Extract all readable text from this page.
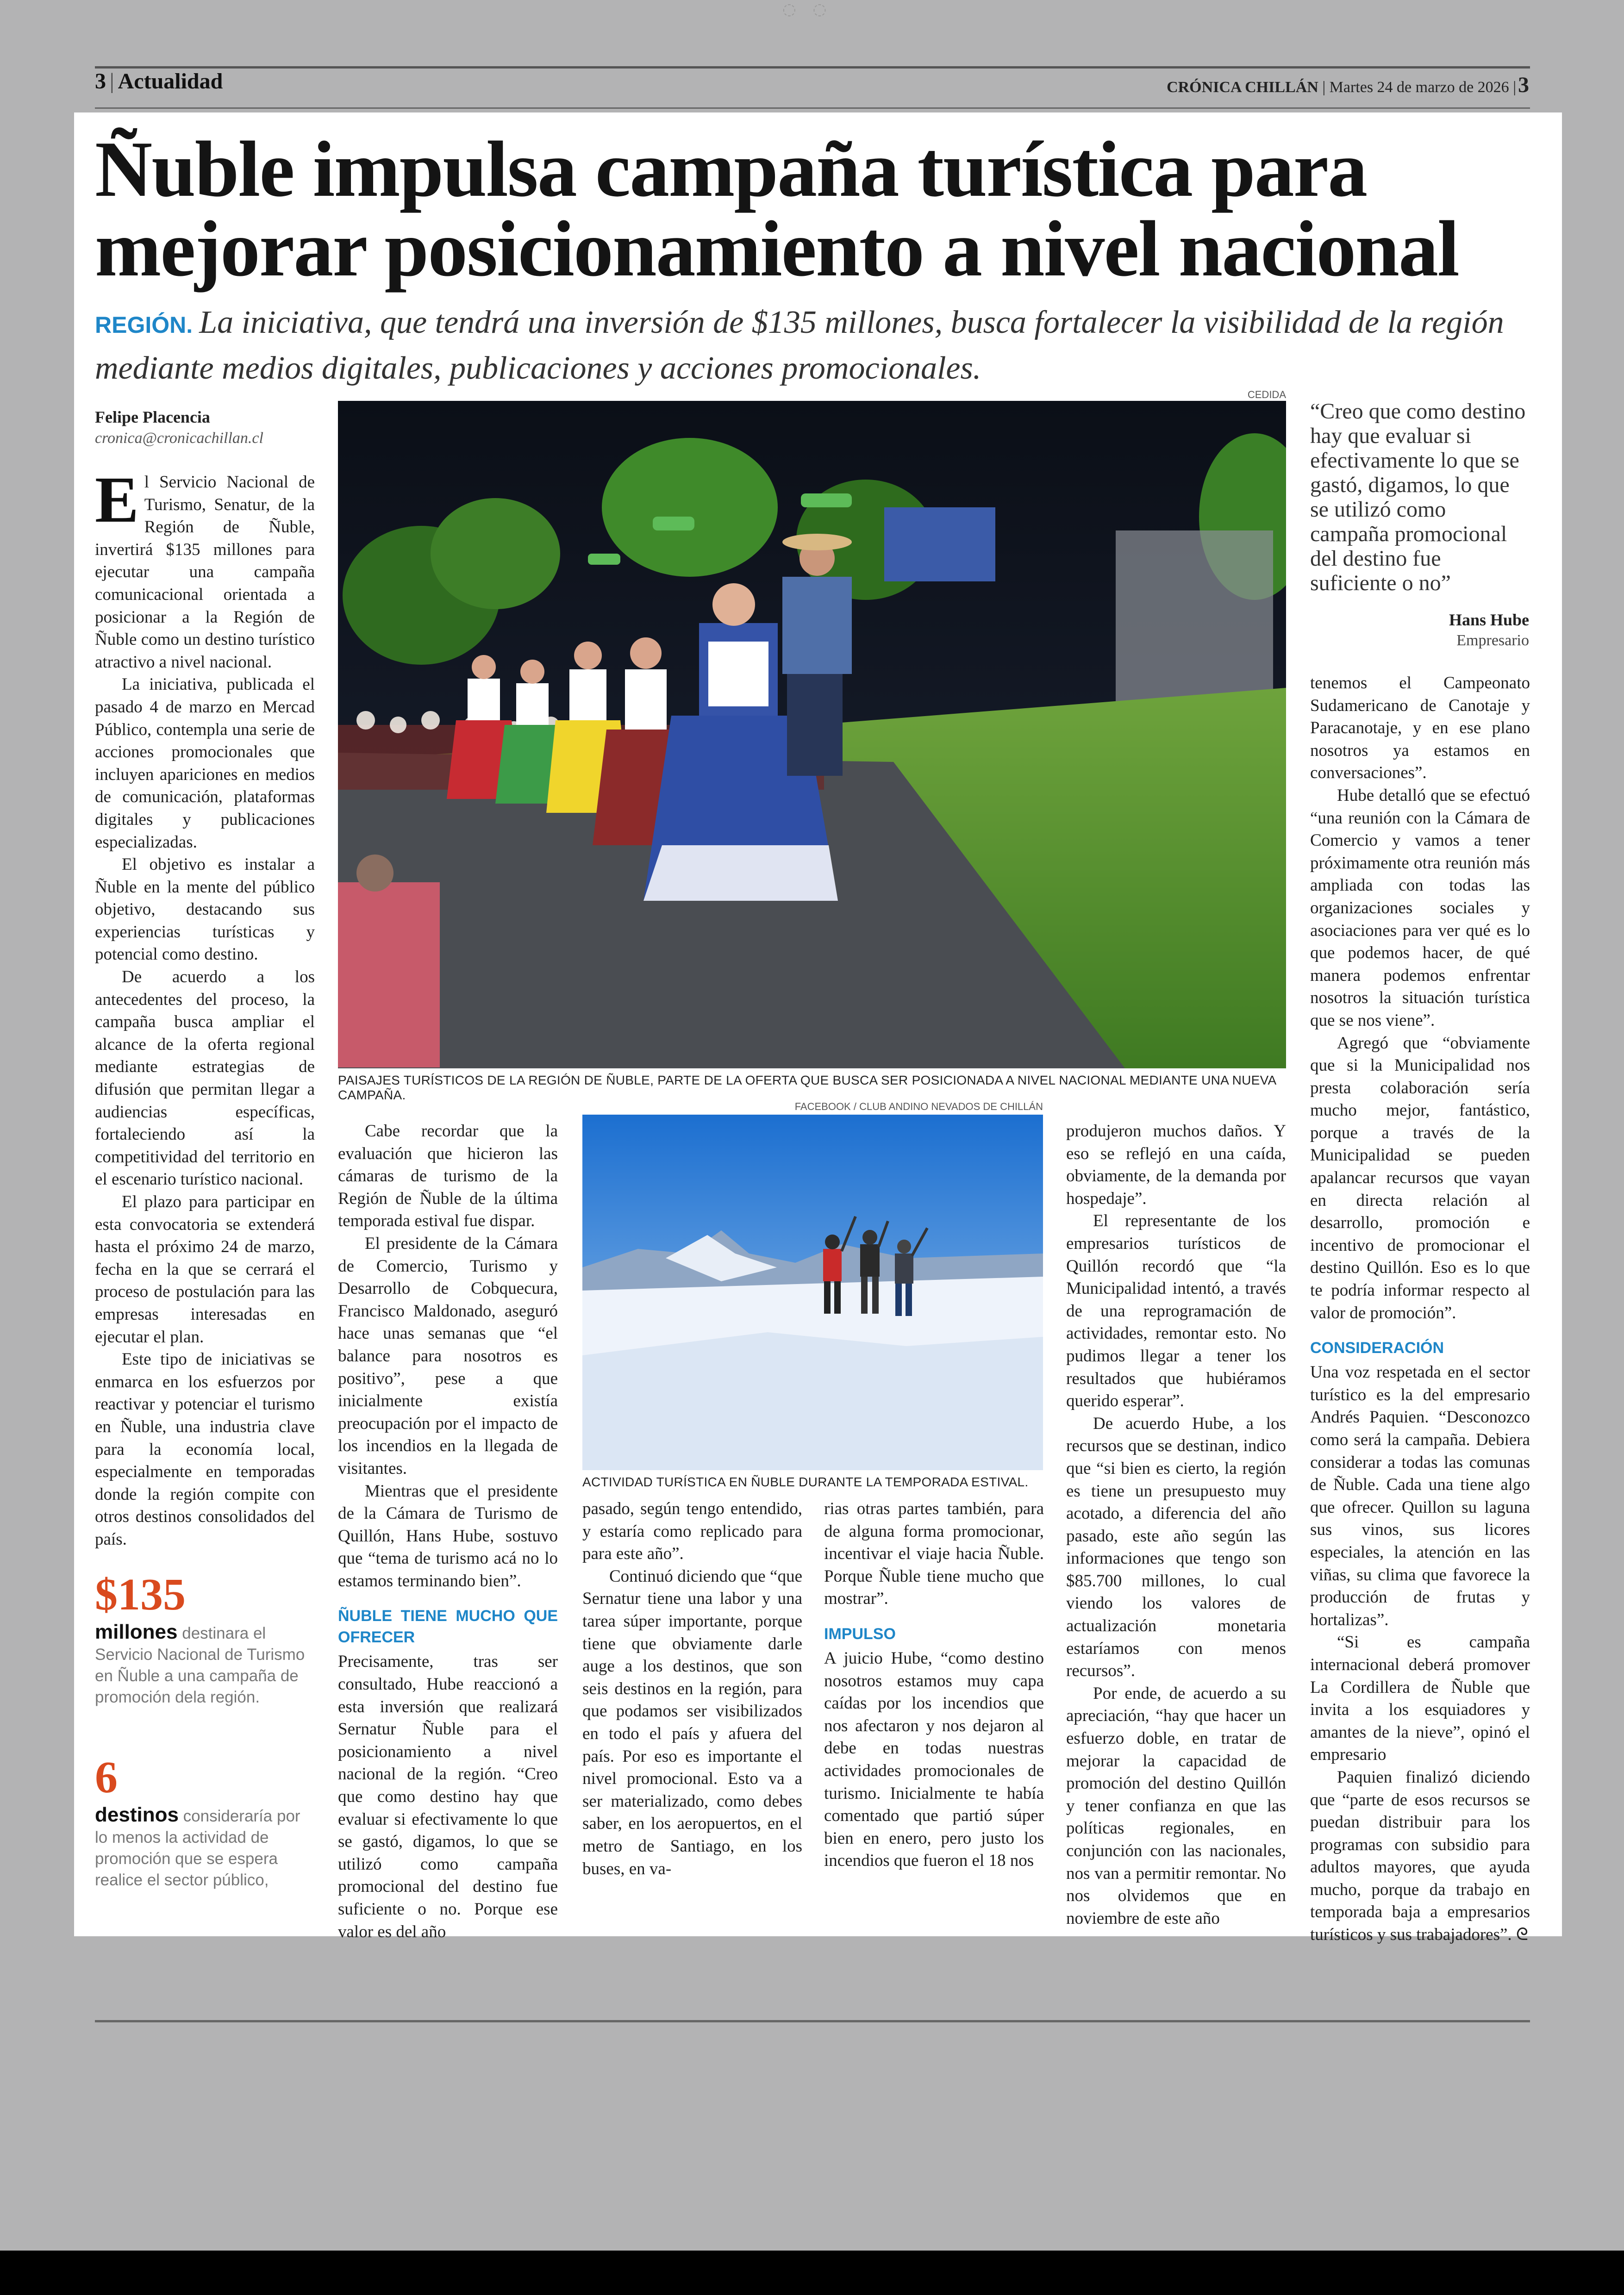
◌◌
3 | Actualidad	CRÓNICA CHILLÁN | Martes 24 de marzo de 2026 |3
Ñuble impulsa campaña turística para
mejorar posicionamiento a nivel nacional
REGIÓN. La iniciativa, que tendrá una inversión de $135 millones, busca fortalecer la visibilidad de la región mediante medios digitales, publicaciones y acciones promocionales.
Felipe Placencia
cronica@cronicachillan.cl

El Servicio Nacional de Turismo, Senatur, de la Región de Ñuble, invertirá $135 millones para ejecutar una campaña comunicacional orientada a posicionar a la Región de Ñuble como un destino turístico atractivo a nivel nacional.

La iniciativa, publicada el pasado 4 de marzo en Mercad Público, contempla una serie de acciones promocionales que incluyen apariciones en medios de comunicación, plataformas digitales y publicaciones especializadas.

El objetivo es instalar a Ñuble en la mente del público objetivo, destacando sus experiencias turísticas y potencial como destino.

De acuerdo a los antecedentes del proceso, la campaña busca ampliar el alcance de la oferta regional mediante estrategias de difusión que permitan llegar a audiencias específicas, fortaleciendo así la competitividad del territorio en el escenario turístico nacional.

El plazo para participar en esta convocatoria se extenderá hasta el próximo 24 de marzo, fecha en la que se cerrará el proceso de postulación para las empresas interesadas en ejecutar el plan.

Este tipo de iniciativas se enmarca en los esfuerzos por reactivar y potenciar el turismo en Ñuble, una industria clave para la economía local, especialmente en temporadas donde la región compite con otros destinos consolidados del país.

$135
millones destinara el Servicio Nacional de Turismo en Ñuble a una campaña de promoción dela región.
6
destinos consideraría por lo menos la actividad de promoción que se espera realice el sector público,
CEDIDA
PAISAJES TURÍSTICOS DE LA REGIÓN DE ÑUBLE, PARTE DE LA OFERTA QUE BUSCA SER POSICIONADA A NIVEL NACIONAL MEDIANTE UNA NUEVA CAMPAÑA.
FACEBOOK / CLUB ANDINO NEVADOS DE CHILLÁN
ACTIVIDAD TURÍSTICA EN ÑUBLE DURANTE LA TEMPORADA ESTIVAL.

Cabe recordar que la evaluación que hicieron las cámaras de turismo de la Región de Ñuble de la última temporada estival fue dispar.

El presidente de la Cámara de Comercio, Turismo y Desarrollo de Cobquecura, Francisco Maldonado, aseguró hace unas semanas que “el balance para nosotros es positivo”, pese a que inicialmente existía preocupación por el impacto de los incendios en la llegada de visitantes.

Mientras que el presidente de la Cámara de Turismo de Quillón, Hans Hube, sostuvo que “tema de turismo acá no lo estamos terminando bien”.

ÑUBLE TIENE MUCHO QUE OFRECER

Precisamente, tras ser consultado, Hube reaccionó a esta inversión que realizará Sernatur Ñuble para el posicionamiento a nivel nacional de la región. “Creo que como destino hay que evaluar si efectivamente lo que se gastó, digamos, lo que se utilizó como campaña promocional del destino fue suficiente o no. Porque ese valor es del año

pasado, según tengo entendido, y estaría como replicado para para este año”.

Continuó diciendo que “que Sernatur tiene una labor y una tarea súper importante, porque tiene que obviamente darle auge a los destinos, que son seis destinos en la región, para que podamos ser visibilizados en todo el país y afuera del país. Por eso es importante el nivel promocional. Esto va a ser materializado, como debes saber, en los aeropuertos, en el metro de Santiago, en los buses, en va-

rias otras partes también, para de alguna forma promocionar, incentivar el viaje hacia Ñuble. Porque Ñuble tiene mucho que mostrar”.

IMPULSO

A juicio Hube, “como destino nosotros estamos muy capa caídas por los incendios que nos afectaron y nos dejaron al debe en todas nuestras actividades promocionales de turismo. Inicialmente te había comentado que partió súper bien en enero, pero justo los incendios que fueron el 18 nos

produjeron muchos daños. Y eso se reflejó en una caída, obviamente, de la demanda por hospedaje”.

El representante de los empresarios turísticos de Quillón recordó que “la Municipalidad intentó, a través de una reprogramación de actividades, remontar esto. No pudimos llegar a tener los resultados que hubiéramos querido esperar”.

De acuerdo Hube, a los recursos que se destinan, indico que “si bien es cierto, la región es tiene un presupuesto muy acotado, a diferencia del año pasado, este año según las informaciones que tengo son $85.700 millones, lo cual viendo los valores de actualización monetaria estaríamos con menos recursos”.

Por ende, de acuerdo a su apreciación, “hay que hacer un esfuerzo doble, en tratar de mejorar la capacidad de promoción del destino Quillón y tener confianza en que las políticas regionales, en conjunción con las nacionales, nos van a permitir remontar. No nos olvidemos que en noviembre de este año

“Creo que como destino hay que evaluar si efectivamente lo que se gastó, digamos, lo que se utilizó como campaña promocional del destino fue suficiente o no”
Hans Hube
Empresario

tenemos el Campeonato Sudamericano de Canotaje y Paracanotaje, y en ese plano nosotros ya estamos en conversaciones”.

Hube detalló que se efectuó “una reunión con la Cámara de Comercio y vamos a tener próximamente otra reunión más ampliada con todas las organizaciones sociales y asociaciones para ver qué es lo que podemos hacer, de qué manera podemos enfrentar nosotros la situación turística que se nos viene”.

Agregó que “obviamente que si la Municipalidad nos presta colaboración sería mucho mejor, fantástico, porque a través de la Municipalidad se pueden apalancar recursos que vayan en directa relación al desarrollo, promoción e incentivo de promocionar el destino Quillón. Eso es lo que te podría informar respecto al valor de promoción”.

CONSIDERACIÓN

Una voz respetada en el sector turístico es la del empresario Andrés Paquien. “Desconozco como será la campaña. Debiera considerar a todas las comunas de Ñuble. Cada una tiene algo que ofrecer. Quillon su laguna sus vinos, sus licores especiales, la atención en las viñas, su clima que favorece la producción de frutas y hortalizas”.

“Si es campaña internacional deberá promover La Cordillera de Ñuble que invita a los esquiadores y amantes de la nieve”, opinó el empresario

Paquien finalizó diciendo que “parte de esos recursos se puedan distribuir para los programas con subsidio para adultos mayores, que ayuda mucho, porque da trabajo en temporada baja a empresarios turísticos y sus trabajadores”. ᘓ
